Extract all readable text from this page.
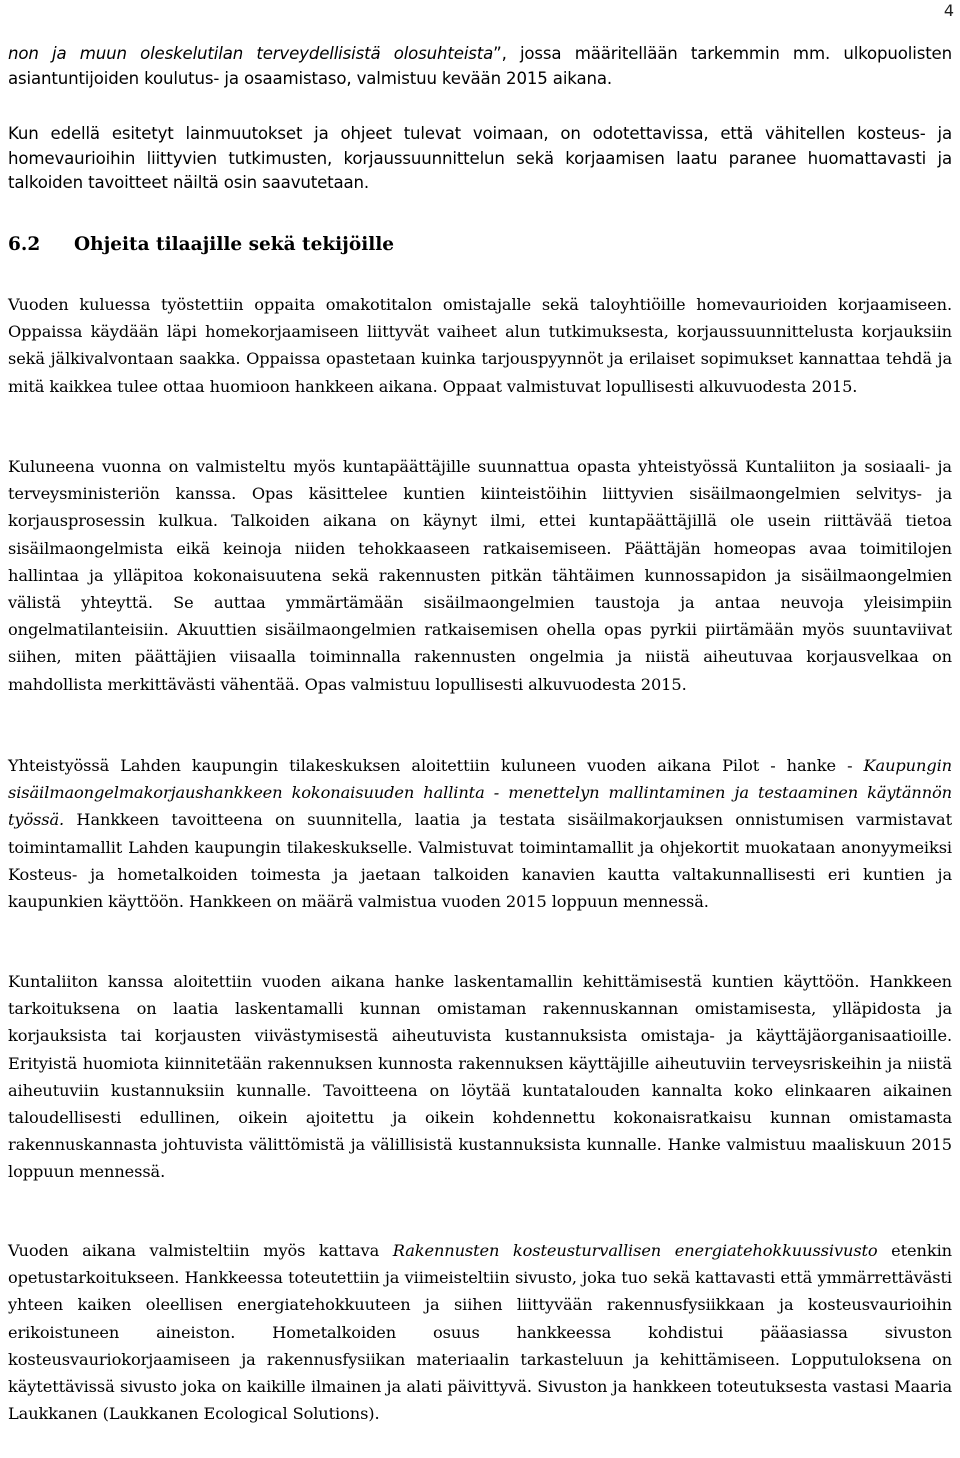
4

non ja muun oleskelutilan terveydellisistä olosuhteista”, jossa määritellään tarkemmin mm. ulkopuolisten asiantuntijoiden koulutus- ja osaamistaso, valmistuu kevään 2015 aikana.

Kun edellä esitetyt lainmuutokset ja ohjeet tulevat voimaan, on odotettavissa, että vähitellen kosteus- ja homevaurioihin liittyvien tutkimusten, korjaussuunnittelun sekä korjaamisen laatu paranee huomattavasti ja talkoiden tavoitteet näiltä osin saavutetaan.

6.2	Ohjeita tilaajille sekä tekijöille

Vuoden kuluessa työstettiin oppaita omakotitalon omistajalle sekä taloyhtiöille homevaurioiden korjaamiseen. Oppaissa käydään läpi homekorjaamiseen liittyvät vaiheet alun tutkimuksesta, korjaussuunnittelusta korjauksiin sekä jälkivalvontaan saakka. Oppaissa opastetaan kuinka tarjouspyynnöt ja erilaiset sopimukset kannattaa tehdä ja mitä kaikkea tulee ottaa huomioon hankkeen aikana. Oppaat valmistuvat lopullisesti alkuvuodesta 2015.

Kuluneena vuonna on valmisteltu myös kuntapäättäjille suunnattua opasta yhteistyössä Kuntaliiton ja sosiaali- ja terveysministeriön kanssa. Opas käsittelee kuntien kiinteistöihin liittyvien sisäilmaongelmien selvitys- ja korjausprosessin kulkua. Talkoiden aikana on käynyt ilmi, ettei kuntapäättäjillä ole usein riittävää tietoa sisäilmaongelmista eikä keinoja niiden tehokkaaseen ratkaisemiseen. Päättäjän homeopas avaa toimitilojen hallintaa ja ylläpitoa kokonaisuutena sekä rakennusten pitkän tähtäimen kunnossapidon ja sisäilmaongelmien välistä yhteyttä. Se auttaa ymmärtämään sisäilmaongelmien taustoja ja antaa neuvoja yleisimpiin ongelmatilanteisiin. Akuuttien sisäilmaongelmien ratkaisemisen ohella opas pyrkii piirtämään myös suuntaviivat siihen, miten päättäjien viisaalla toiminnalla rakennusten ongelmia ja niistä aiheutuvaa korjausvelkaa on mahdollista merkittävästi vähentää. Opas valmistuu lopullisesti alkuvuodesta 2015.

Yhteistyössä Lahden kaupungin tilakeskuksen aloitettiin kuluneen vuoden aikana Pilot - hanke - Kaupungin sisäilmaongelmakorjaushankkeen kokonaisuuden hallinta - menettelyn mallintaminen ja testaaminen käytännön työssä. Hankkeen tavoitteena on suunnitella, laatia ja testata sisäilmakorjauksen onnistumisen varmistavat toimintamallit Lahden kaupungin tilakeskukselle. Valmistuvat toimintamallit ja ohjekortit muokataan anonyymeiksi Kosteus- ja hometalkoiden toimesta ja jaetaan talkoiden kanavien kautta valtakunnallisesti eri kuntien ja kaupunkien käyttöön. Hankkeen on määrä valmistua vuoden 2015 loppuun mennessä.

Kuntaliiton kanssa aloitettiin vuoden aikana hanke laskentamallin kehittämisestä kuntien käyttöön. Hankkeen tarkoituksena on laatia laskentamalli kunnan omistaman rakennuskannan omistamisesta, ylläpidosta ja korjauksista tai korjausten viivästymisestä aiheutuvista kustannuksista omistaja- ja käyttäjäorganisaatioille. Erityistä huomiota kiinnitetään rakennuksen kunnosta rakennuksen käyttäjille aiheutuviin terveysriskeihin ja niistä aiheutuviin kustannuksiin kunnalle. Tavoitteena on löytää kuntatalouden kannalta koko elinkaaren aikainen taloudellisesti edullinen, oikein ajoitettu ja oikein kohdennettu kokonaisratkaisu kunnan omistamasta rakennuskannasta johtuvista välittömistä ja välillisistä kustannuksista kunnalle. Hanke valmistuu maaliskuun 2015 loppuun mennessä.

Vuoden aikana valmisteltiin myös kattava Rakennusten kosteusturvallisen energiatehokkuussivusto etenkin opetustarkoitukseen. Hankkeessa toteutettiin ja viimeisteltiin sivusto, joka tuo sekä kattavasti että ymmärrettävästi yhteen kaiken oleellisen energiatehokkuuteen ja siihen liittyvään rakennusfysiikkaan ja kosteusvaurioihin erikoistuneen aineiston. Hometalkoiden osuus hankkeessa kohdistui pääasiassa sivuston kosteusvauriokorjaamiseen ja rakennusfysiikan materiaalin tarkasteluun ja kehittämiseen. Lopputuloksena on käytettävissä sivusto joka on kaikille ilmainen ja alati päivittyvä. Sivuston ja hankkeen toteutuksesta vastasi Maaria Laukkanen (Laukkanen Ecological Solutions).
